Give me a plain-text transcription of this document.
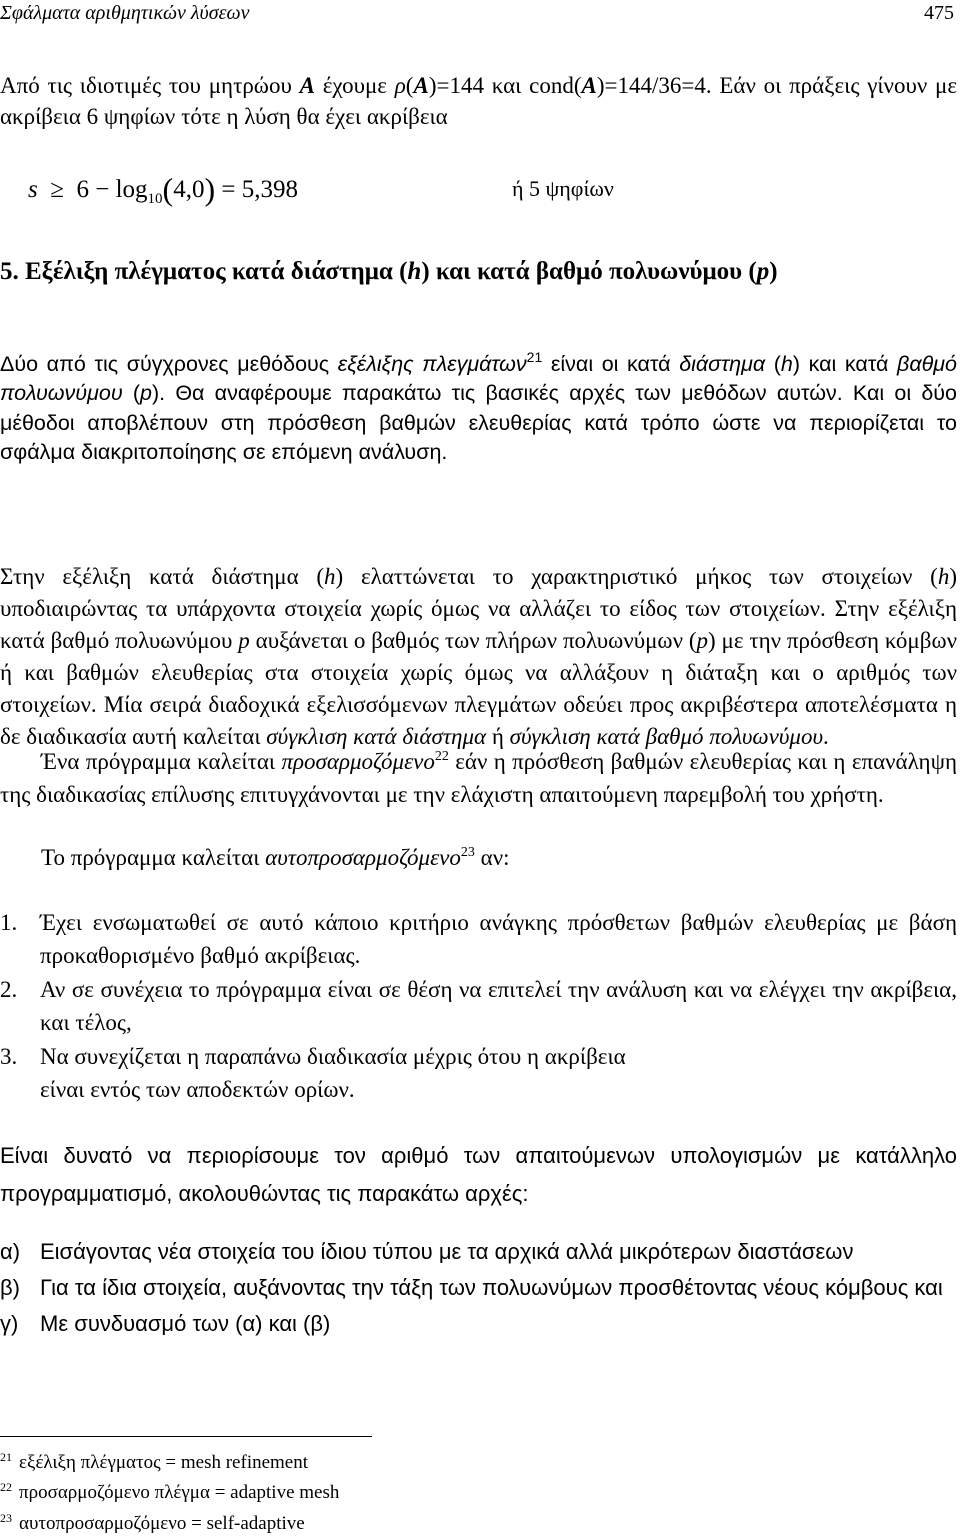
Σφάλματα αριθμητικών λύσεων	475
Από τις ιδιοτιμές του μητρώου A έχουμε ρ(A)=144 και cond(A)=144/36=4. Εάν οι πράξεις γίνουν με ακρίβεια 6 ψηφίων τότε η λύση θα έχει ακρίβεια
$s \ge 6 - \log_{10}(4,0) = 5,398$	ή 5 ψηφίων
5. Εξέλιξη πλέγματος κατά διάστημα (h) και κατά βαθμό πολυωνύμου (p)
Δύο από τις σύγχρονες μεθόδους εξέλιξης πλεγμάτων$^{21}$ είναι οι κατά διάστημα (h) και κατά βαθμό πολυωνύμου (p). Θα αναφέρουμε παρακάτω τις βασικές αρχές των μεθόδων αυτών. Και οι δύο μέθοδοι αποβλέπουν στη πρόσθεση βαθμών ελευθερίας κατά τρόπο ώστε να περιορίζεται το σφάλμα διακριτοποίησης σε επόμενη ανάλυση.
Στην εξέλιξη κατά διάστημα (h) ελαττώνεται το χαρακτηριστικό μήκος των στοιχείων (h) υποδιαιρώντας τα υπάρχοντα στοιχεία χωρίς όμως να αλλάζει το είδος των στοιχείων. Στην εξέλιξη κατά βαθμό πολυωνύμου p αυξάνεται ο βαθμός των πλήρων πολυωνύμων (p) με την πρόσθεση κόμβων ή και βαθμών ελευθερίας στα στοιχεία χωρίς όμως να αλλάξουν η διάταξη και ο αριθμός των στοιχείων. Μία σειρά διαδοχικά εξελισσόμενων πλεγμάτων οδεύει προς ακριβέστερα αποτελέσματα η δε διαδικασία αυτή καλείται σύγκλιση κατά διάστημα ή σύγκλιση κατά βαθμό πολυωνύμου.
Ένα πρόγραμμα καλείται προσαρμοζόμενο$^{22}$ εάν η πρόσθεση βαθμών ελευθερίας και η επανάληψη της διαδικασίας επίλυσης επιτυγχάνονται με την ελάχιστη απαιτούμενη παρεμβολή του χρήστη.
Το πρόγραμμα καλείται αυτοπροσαρμοζόμενο$^{23}$ αν:
1. Έχει ενσωματωθεί σε αυτό κάποιο κριτήριο ανάγκης πρόσθετων βαθμών ελευθερίας με βάση προκαθορισμένο βαθμό ακρίβειας.
2. Αν σε συνέχεια το πρόγραμμα είναι σε θέση να επιτελεί την ανάλυση και να ελέγχει την ακρίβεια, και τέλος,
3. Να συνεχίζεται η παραπάνω διαδικασία μέχρις ότου η ακρίβεια
είναι εντός των αποδεκτών ορίων.
Είναι δυνατό να περιορίσουμε τον αριθμό των απαιτούμενων υπολογισμών με κατάλληλο προγραμματισμό, ακολουθώντας τις παρακάτω αρχές:
α) Εισάγοντας νέα στοιχεία του ίδιου τύπου με τα αρχικά αλλά μικρότερων διαστάσεων
β) Για τα ίδια στοιχεία, αυξάνοντας την τάξη των πολυωνύμων προσθέτοντας νέους κόμβους και
γ) Με συνδυασμό των (α) και (β)
$^{21}$ εξέλιξη πλέγματος = mesh refinement
$^{22}$ προσαρμοζόμενο πλέγμα = adaptive mesh
$^{23}$ αυτοπροσαρμοζόμενο = self-adaptive
